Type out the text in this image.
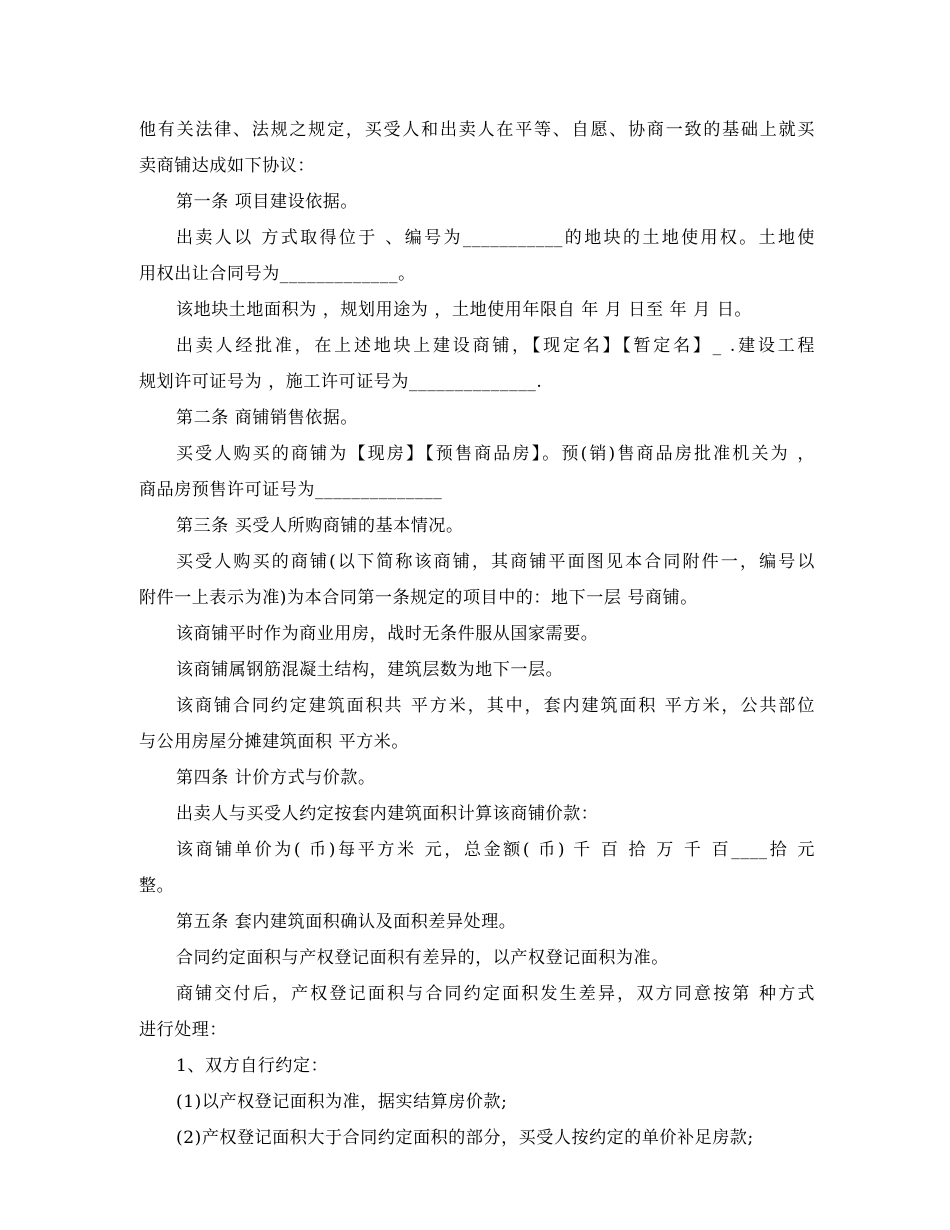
他有关法律、法规之规定，买受人和出卖人在平等、自愿、协商一致的基础上就买

卖商铺达成如下协议：

第一条 项目建设依据。

出卖人以 方式取得位于 、编号为___________的地块的土地使用权。土地使

用权出让合同号为_____________。

该地块土地面积为 ，规划用途为 ，土地使用年限自 年 月 日至 年 月 日。

出卖人经批准，在上述地块上建设商铺，【现定名】【暂定名】_ .建设工程

规划许可证号为 ，施工许可证号为______________.

第二条 商铺销售依据。

买受人购买的商铺为【现房】【预售商品房】。预(销)售商品房批准机关为 ，

商品房预售许可证号为______________

第三条 买受人所购商铺的基本情况。

买受人购买的商铺(以下简称该商铺，其商铺平面图见本合同附件一，编号以

附件一上表示为准)为本合同第一条规定的项目中的：地下一层 号商铺。

该商铺平时作为商业用房，战时无条件服从国家需要。

该商铺属钢筋混凝土结构，建筑层数为地下一层。

该商铺合同约定建筑面积共 平方米，其中，套内建筑面积 平方米，公共部位

与公用房屋分摊建筑面积 平方米。

第四条 计价方式与价款。

出卖人与买受人约定按套内建筑面积计算该商铺价款：

该商铺单价为( 币)每平方米 元，总金额( 币) 千 百 拾 万 千 百____拾 元

整。

第五条 套内建筑面积确认及面积差异处理。

合同约定面积与产权登记面积有差异的，以产权登记面积为准。

商铺交付后，产权登记面积与合同约定面积发生差异，双方同意按第 种方式

进行处理：

1、双方自行约定：

(1)以产权登记面积为准，据实结算房价款;

(2)产权登记面积大于合同约定面积的部分，买受人按约定的单价补足房款;
